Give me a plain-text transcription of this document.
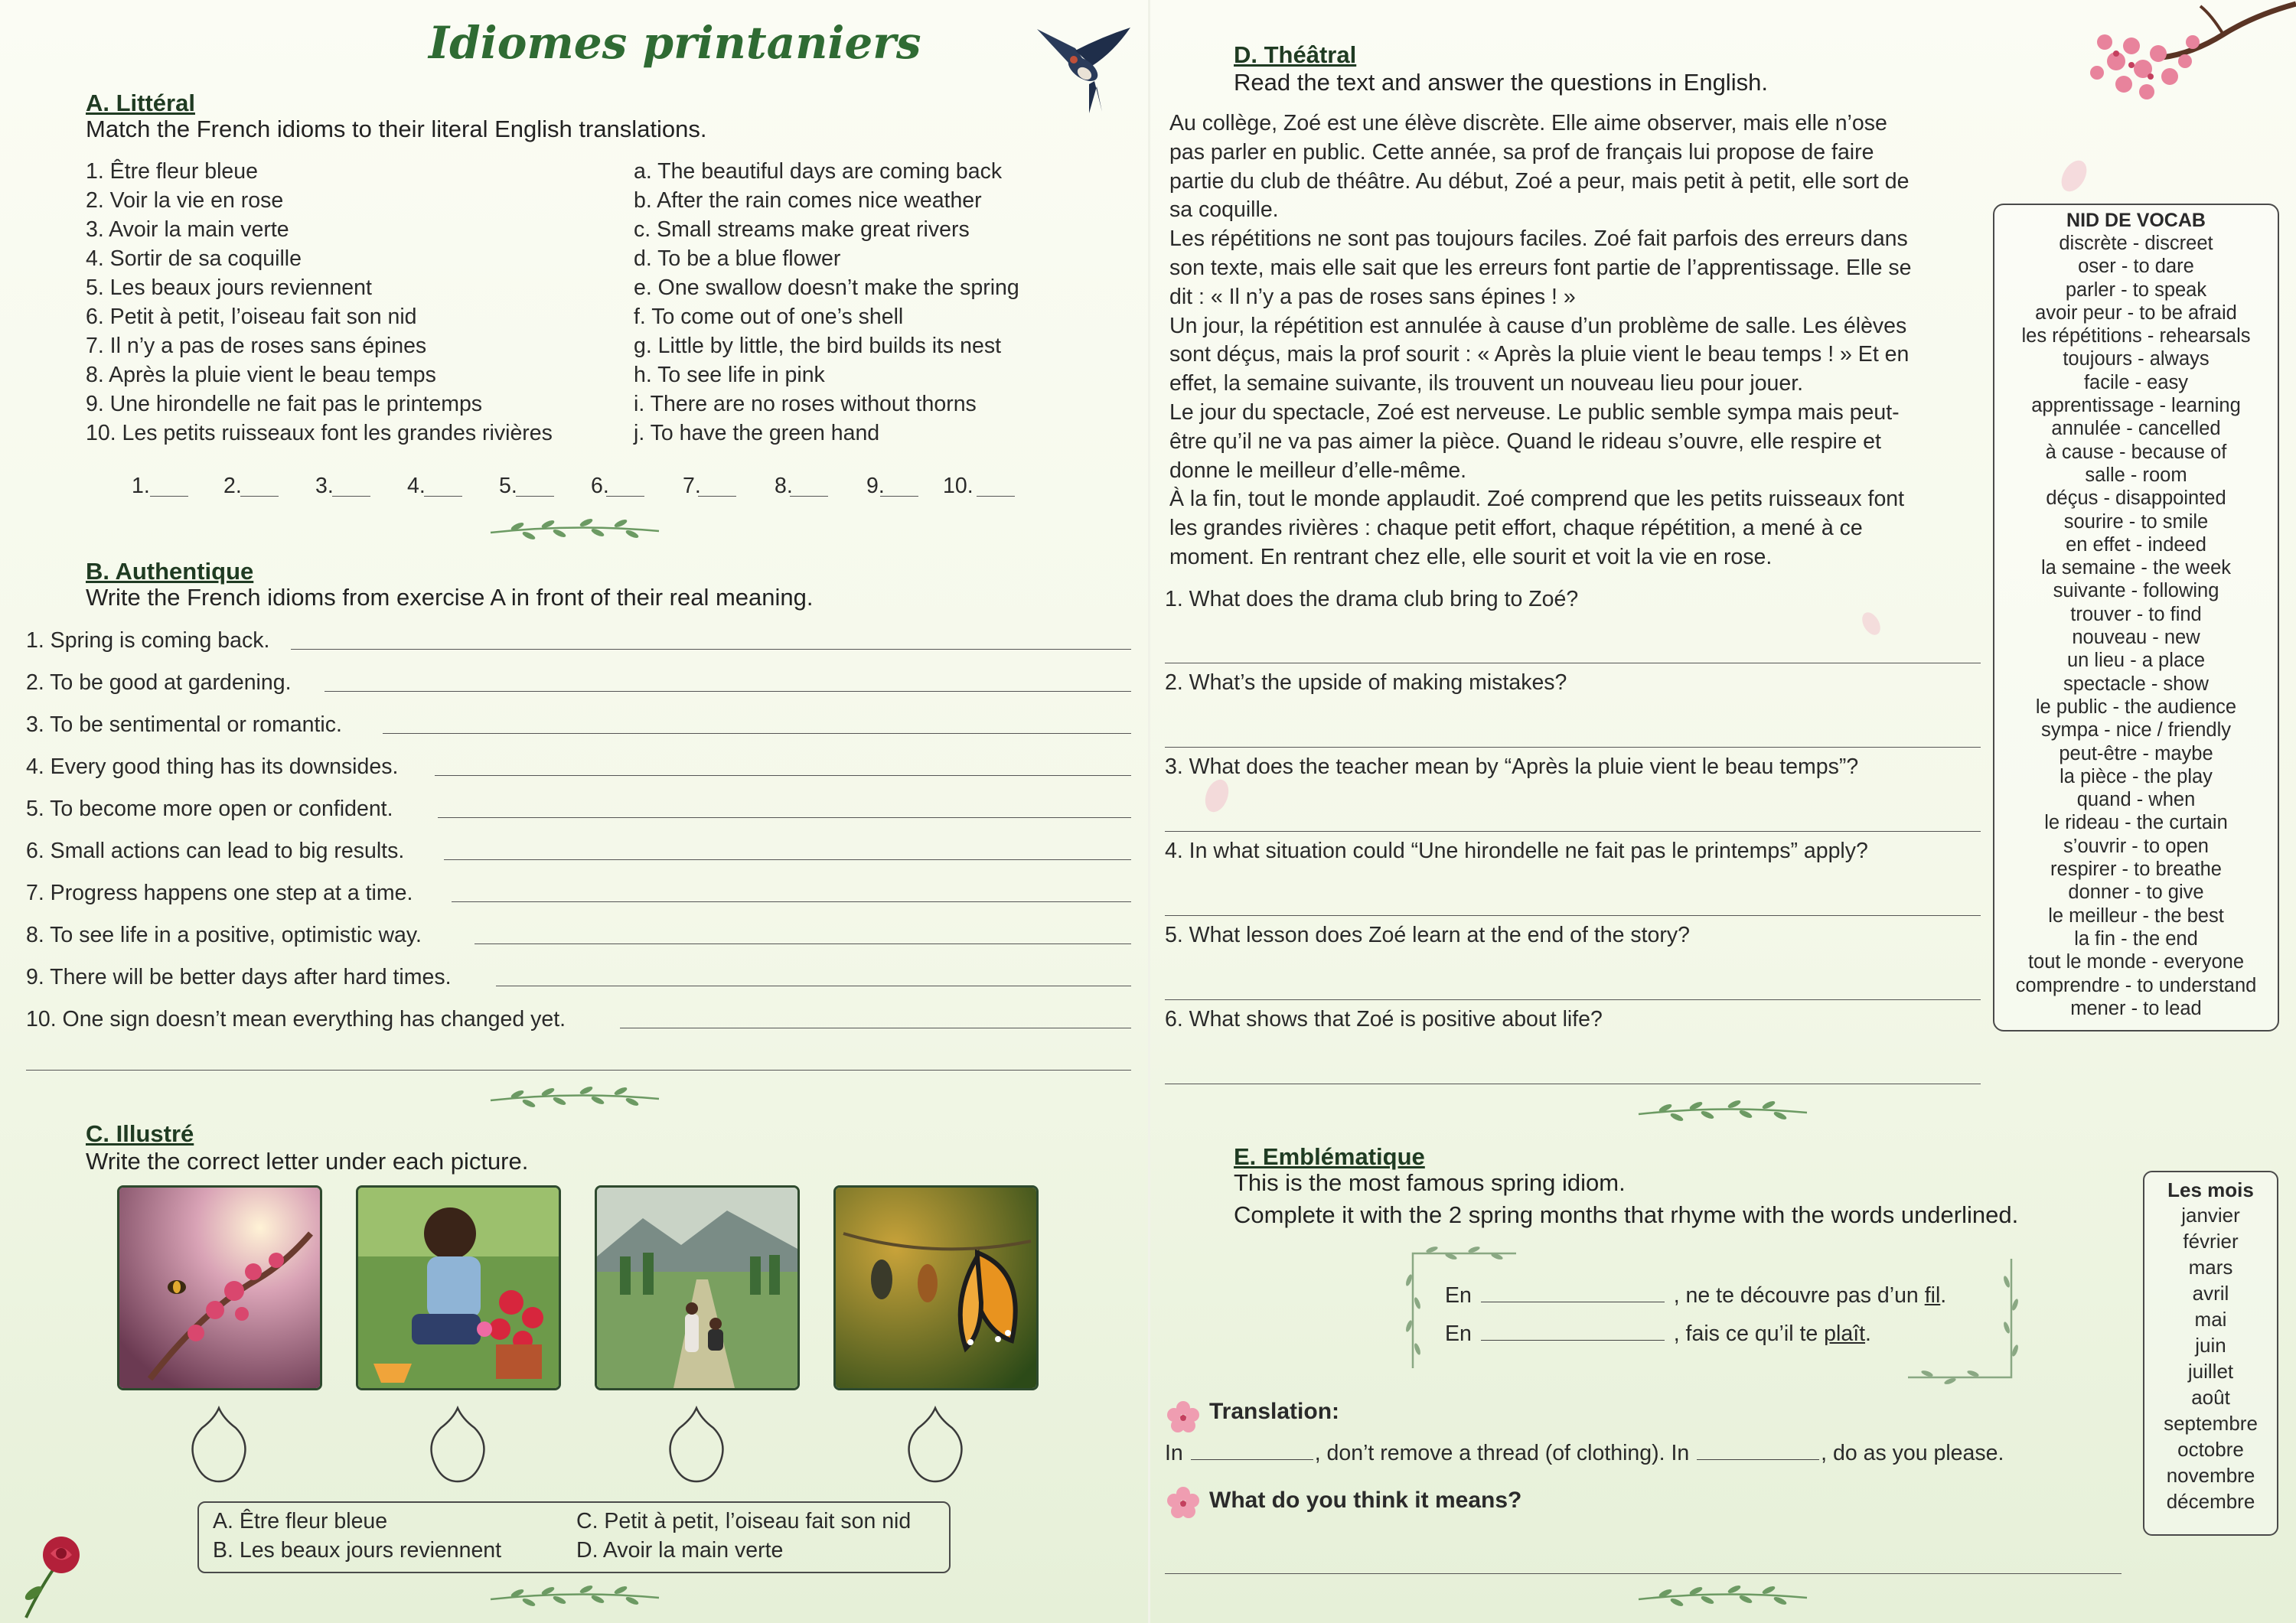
Idiomes printaniers
A. Littéral
Match the French idioms to their literal English translations.
1. Être fleur bleue
2. Voir la vie en rose
3. Avoir la main verte
4. Sortir de sa coquille
5. Les beaux jours reviennent
6. Petit à petit, l’oiseau fait son nid
7. Il n’y a pas de roses sans épines
8. Après la pluie vient le beau temps
9. Une hirondelle ne fait pas le printemps
10. Les petits ruisseaux font les grandes rivières
a. The beautiful days are coming back
b. After the rain comes nice weather
c. Small streams make great rivers
d. To be a blue flower
e. One swallow doesn’t make the spring
f. To come out of one’s shell
g. Little by little, the bird builds its nest
h. To see life in pink
i. There are no roses without thorns
j. To have the green hand
1.	2.	3.	4.	5.	6.	7.	8.	9.	10.
B. Authentique
Write the French idioms from exercise A in front of their real meaning.
1. Spring is coming back.
2. To be good at gardening.
3. To be sentimental or romantic.
4. Every good thing has its downsides.
5. To become more open or confident.
6. Small actions can lead to big results.
7. Progress happens one step at a time.
8. To see life in a positive, optimistic way.
9. There will be better days after hard times.
10. One sign doesn’t mean everything has changed yet.
C. Illustré
Write the correct letter under each picture.
A. Être fleur bleue
B. Les beaux jours reviennent
C. Petit à petit, l’oiseau fait son nid
D. Avoir la main verte
D. Théâtral
Read the text and answer the questions in English.
Au collège, Zoé est une élève discrète. Elle aime observer, mais elle n’ose
pas parler en public. Cette année, sa prof de français lui propose de faire
partie du club de théâtre. Au début, Zoé a peur, mais petit à petit, elle sort de
sa coquille.
Les répétitions ne sont pas toujours faciles. Zoé fait parfois des erreurs dans
son texte, mais elle sait que les erreurs font partie de l’apprentissage. Elle se
dit : « Il n’y a pas de roses sans épines ! »
Un jour, la répétition est annulée à cause d’un problème de salle. Les élèves
sont déçus, mais la prof sourit : « Après la pluie vient le beau temps ! » Et en
effet, la semaine suivante, ils trouvent un nouveau lieu pour jouer.
Le jour du spectacle, Zoé est nerveuse. Le public semble sympa mais peut-
être qu’il ne va pas aimer la pièce. Quand le rideau s’ouvre, elle respire et
donne le meilleur d’elle-même.
À la fin, tout le monde applaudit. Zoé comprend que les petits ruisseaux font
les grandes rivières : chaque petit effort, chaque répétition, a mené à ce
moment. En rentrant chez elle, elle sourit et voit la vie en rose.
1. What does the drama club bring to Zoé?
2. What’s the upside of making mistakes?
3. What does the teacher mean by “Après la pluie vient le beau temps”?
4. In what situation could “Une hirondelle ne fait pas le printemps” apply?
5. What lesson does Zoé learn at the end of the story?
6. What shows that Zoé is positive about life?
NID DE VOCAB
discrète - discreet
oser - to dare
parler - to speak
avoir peur - to be afraid
les répétitions - rehearsals
toujours - always
facile - easy
apprentissage - learning
annulée - cancelled
à cause - because of
salle - room
déçus - disappointed
sourire - to smile
en effet - indeed
la semaine - the week
suivante - following
trouver - to find
nouveau - new
un lieu - a place
spectacle - show
le public - the audience
sympa - nice / friendly
peut-être - maybe
la pièce - the play
quand - when
le rideau - the curtain
s’ouvrir - to open
respirer - to breathe
donner - to give
le meilleur - the best
la fin - the end
tout le monde - everyone
comprendre - to understand
mener - to lead
E. Emblématique
This is the most famous spring idiom.
Complete it with the 2 spring months that rhyme with the words underlined.
En	, ne te découvre pas d’un fil.
En	, fais ce qu’il te plaît.
Translation:
In	, don’t remove a thread (of clothing). In	, do as you please.
What do you think it means?
Les mois
janvier
février
mars
avril
mai
juin
juillet
août
septembre
octobre
novembre
décembre
